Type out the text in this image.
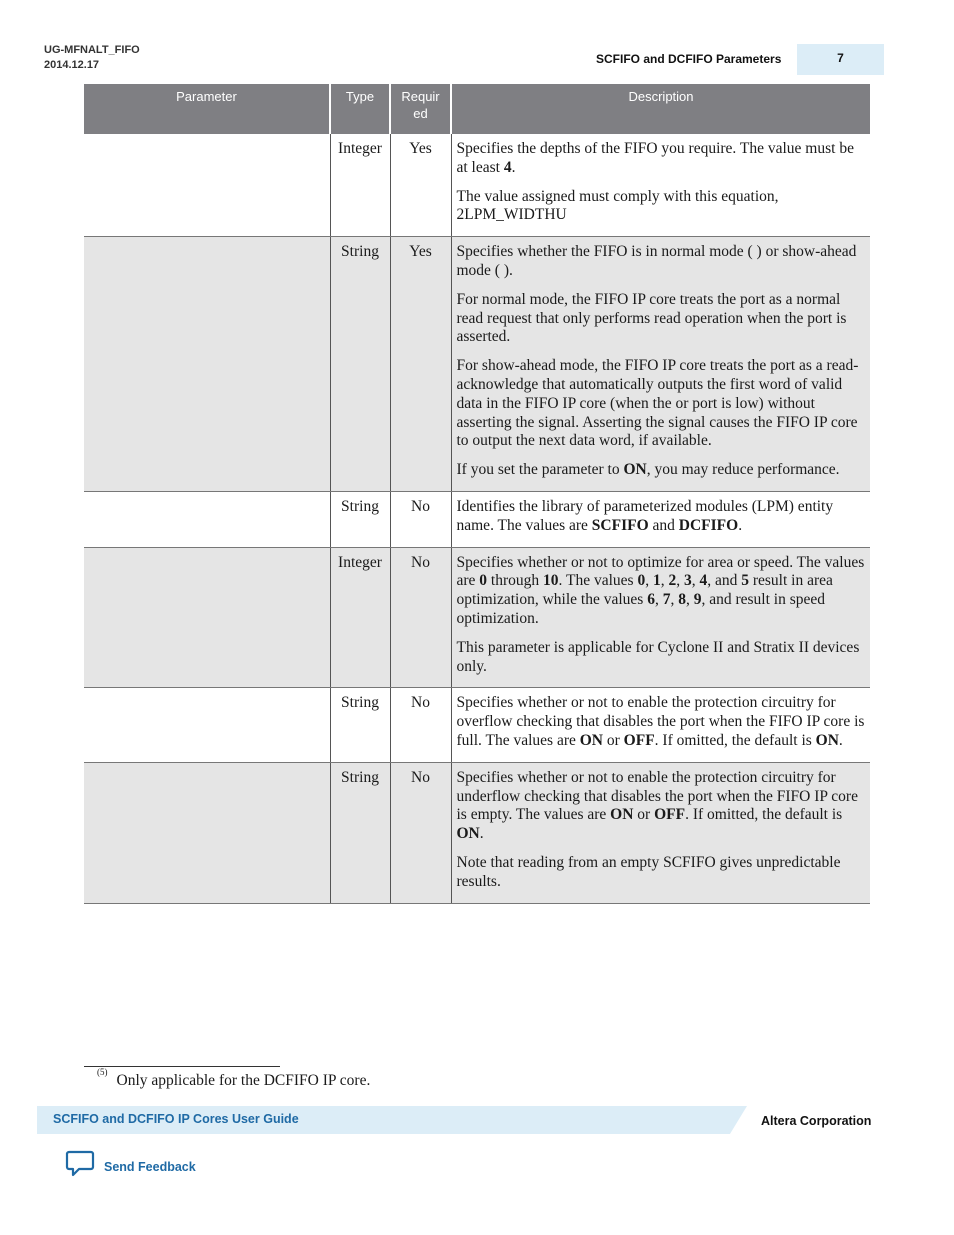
UG-MFNALT_FIFO
2014.12.17	SCFIFO and DCFIFO Parameters	7
Parameter	Type	Requir ed	Description
	Integer	Yes	Specifies the depths of the FIFO you require. The value must be at least 4.

The value assigned must comply with this equation, 2LPM_WIDTHU

	String	Yes	Specifies whether the FIFO is in normal mode ( ) or show-ahead mode ( ).

For normal mode, the FIFO IP core treats the port as a normal read request that only performs read operation when the port is asserted.

For show-ahead mode, the FIFO IP core treats the port as a read-acknowledge that automatically outputs the first word of valid data in the FIFO IP core (when the or port is low) without asserting the signal. Asserting the signal causes the FIFO IP core to output the next data word, if available.

If you set the parameter to ON, you may reduce performance.

	String	No	Identifies the library of parameterized modules (LPM) entity name. The values are SCFIFO and DCFIFO.

	Integer	No	Specifies whether or not to optimize for area or speed. The values are 0 through 10. The values 0, 1, 2, 3, 4, and 5 result in area optimization, while the values 6, 7, 8, 9, and result in speed optimization.

This parameter is applicable for Cyclone II and Stratix II devices only.

	String	No	Specifies whether or not to enable the protection circuitry for overflow checking that disables the port when the FIFO IP core is full. The values are ON or OFF. If omitted, the default is ON.

	String	No	Specifies whether or not to enable the protection circuitry for underflow checking that disables the port when the FIFO IP core is empty. The values are ON or OFF. If omitted, the default is ON.

Note that reading from an empty SCFIFO gives unpredictable results.

$^{(5)}$Only applicable for the DCFIFO IP core.
SCFIFO and DCFIFO IP Cores User Guide	Altera Corporation
Send Feedback
